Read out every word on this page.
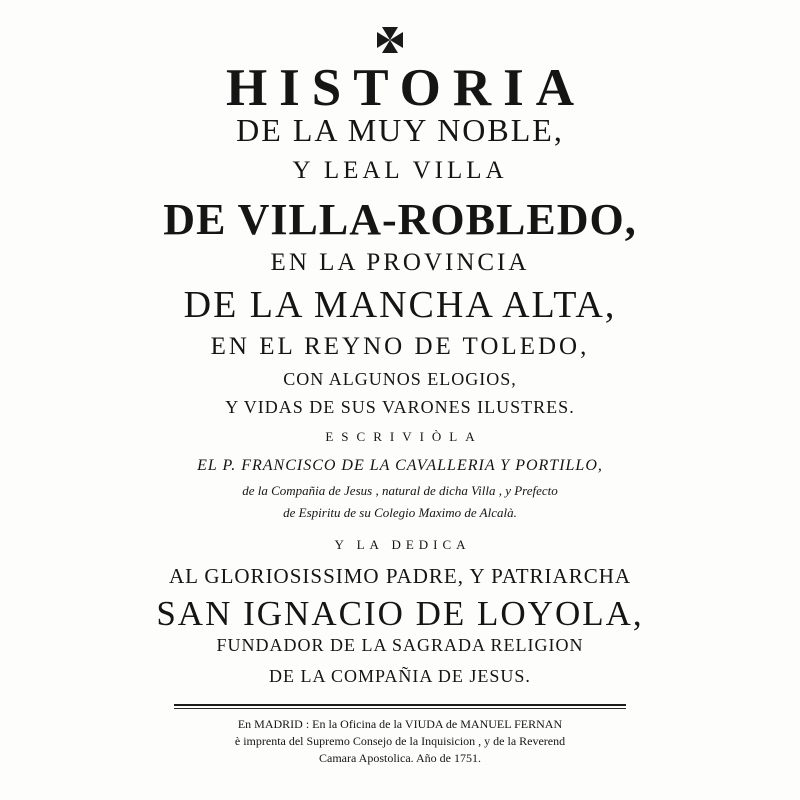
HISTORIA
DE LA MUY NOBLE,
Y LEAL VILLA
DE VILLA-ROBLEDO,
EN LA PROVINCIA
DE LA MANCHA ALTA,
EN EL REYNO DE TOLEDO,
CON ALGUNOS ELOGIOS,
Y VIDAS DE SUS VARONES ILUSTRES.
ESCRIVIÒLA
EL P. FRANCISCO DE LA CAVALLERIA Y PORTILLO,
de la Compañia de Jesus , natural de dicha Villa , y Prefecto
de Espiritu de su Colegio Maximo de Alcalà.
Y LA DEDICA
AL GLORIOSISSIMO PADRE, Y PATRIARCHA
SAN IGNACIO DE LOYOLA,
FUNDADOR DE LA SAGRADA RELIGION
DE LA COMPAÑIA DE JESUS.
En MADRID : En la Oficina de la VIUDA de MANUEL FERNAN
è imprenta del Supremo Consejo de la Inquisicion , y de la Reverend
Camara Apostolica. Año de 1751.
